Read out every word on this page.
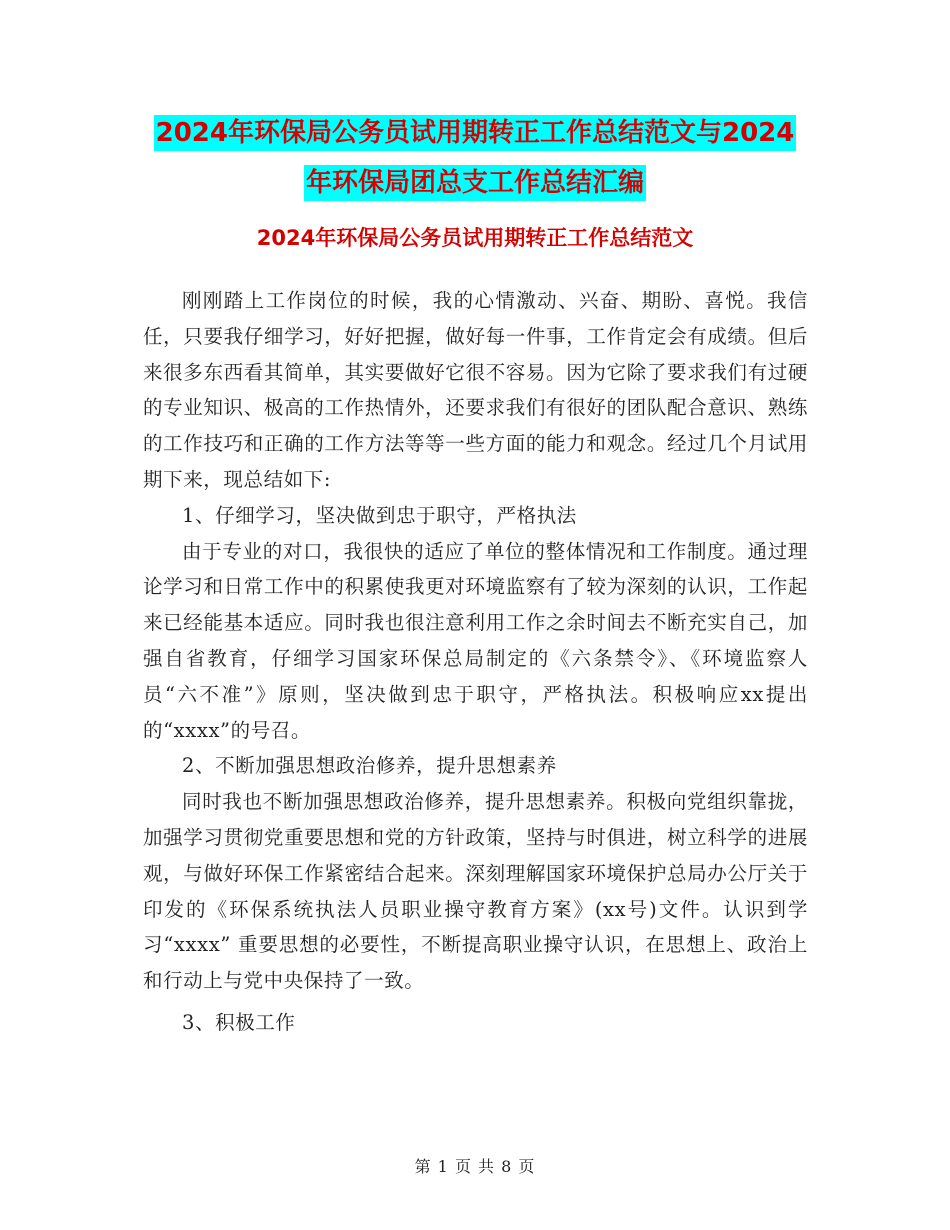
2024年环保局公务员试用期转正工作总结范文与2024
年环保局团总支工作总结汇编
2024年环保局公务员试用期转正工作总结范文

刚刚踏上工作岗位的时候，我的心情激动、兴奋、期盼、喜悦。我信任，只要我仔细学习，好好把握，做好每一件事，工作肯定会有成绩。但后来很多东西看其简单，其实要做好它很不容易。因为它除了要求我们有过硬的专业知识、极高的工作热情外，还要求我们有很好的团队配合意识、熟练的工作技巧和正确的工作方法等等一些方面的能力和观念。经过几个月试用期下来，现总结如下:

1、仔细学习，坚决做到忠于职守，严格执法

由于专业的对口，我很快的适应了单位的整体情况和工作制度。通过理论学习和日常工作中的积累使我更对环境监察有了较为深刻的认识，工作起来已经能基本适应。同时我也很注意利用工作之余时间去不断充实自己，加强自省教育，仔细学习国家环保总局制定的《六条禁令》、《环境监察人员“六不准”》原则，坚决做到忠于职守，严格执法。积极响应xx提出的“xxxx”的号召。

2、不断加强思想政治修养，提升思想素养

同时我也不断加强思想政治修养，提升思想素养。积极向党组织靠拢，加强学习贯彻党重要思想和党的方针政策，坚持与时俱进，树立科学的进展观，与做好环保工作紧密结合起来。深刻理解国家环境保护总局办公厅关于印发的《环保系统执法人员职业操守教育方案》(xx号)文件。认识到学习“xxxx” 重要思想的必要性，不断提高职业操守认识，在思想上、政治上和行动上与党中央保持了一致。

3、积极工作

第 1 页 共 8 页
